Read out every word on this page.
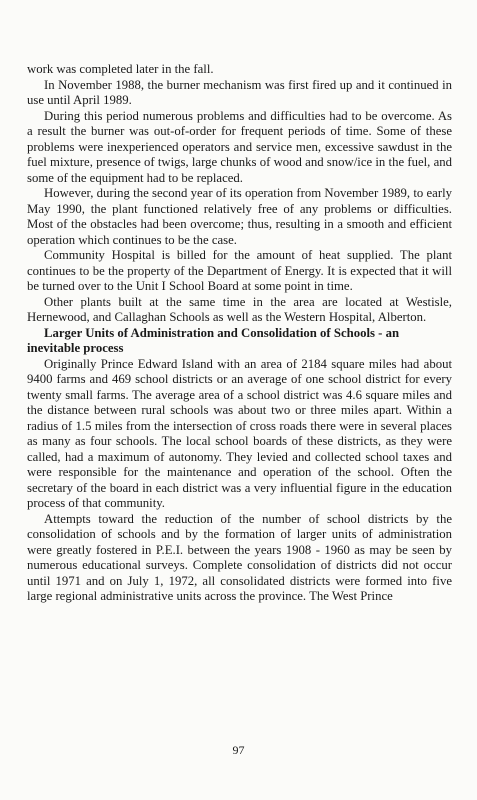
work was completed later in the fall.

In November 1988, the burner mechanism was first fired up and it continued in use until April 1989.

During this period numerous problems and difficulties had to be overcome. As a result the burner was out-of-order for frequent periods of time. Some of these problems were inexperienced operators and service men, excessive sawdust in the fuel mixture, presence of twigs, large chunks of wood and snow/ice in the fuel, and some of the equipment had to be replaced.

However, during the second year of its operation from November 1989, to early May 1990, the plant functioned relatively free of any problems or difficulties. Most of the obstacles had been overcome; thus, resulting in a smooth and efficient operation which continues to be the case.

Community Hospital is billed for the amount of heat supplied. The plant continues to be the property of the Department of Energy. It is expected that it will be turned over to the Unit I School Board at some point in time.

Other plants built at the same time in the area are located at Westisle, Hernewood, and Callaghan Schools as well as the Western Hospital, Alberton.

Larger Units of Administration and Consolidation of Schools - an inevitable process

Originally Prince Edward Island with an area of 2184 square miles had about 9400 farms and 469 school districts or an average of one school district for every twenty small farms. The average area of a school district was 4.6 square miles and the distance between rural schools was about two or three miles apart. Within a radius of 1.5 miles from the intersection of cross roads there were in several places as many as four schools. The local school boards of these districts, as they were called, had a maximum of autonomy. They levied and collected school taxes and were responsible for the maintenance and operation of the school. Often the secretary of the board in each district was a very influential figure in the education process of that community.

Attempts toward the reduction of the number of school districts by the consolidation of schools and by the formation of larger units of administration were greatly fostered in P.E.I. between the years 1908 - 1960 as may be seen by numerous educational surveys. Complete consolidation of districts did not occur until 1971 and on July 1, 1972, all consolidated districts were formed into five large regional administrative units across the province. The West Prince

97
